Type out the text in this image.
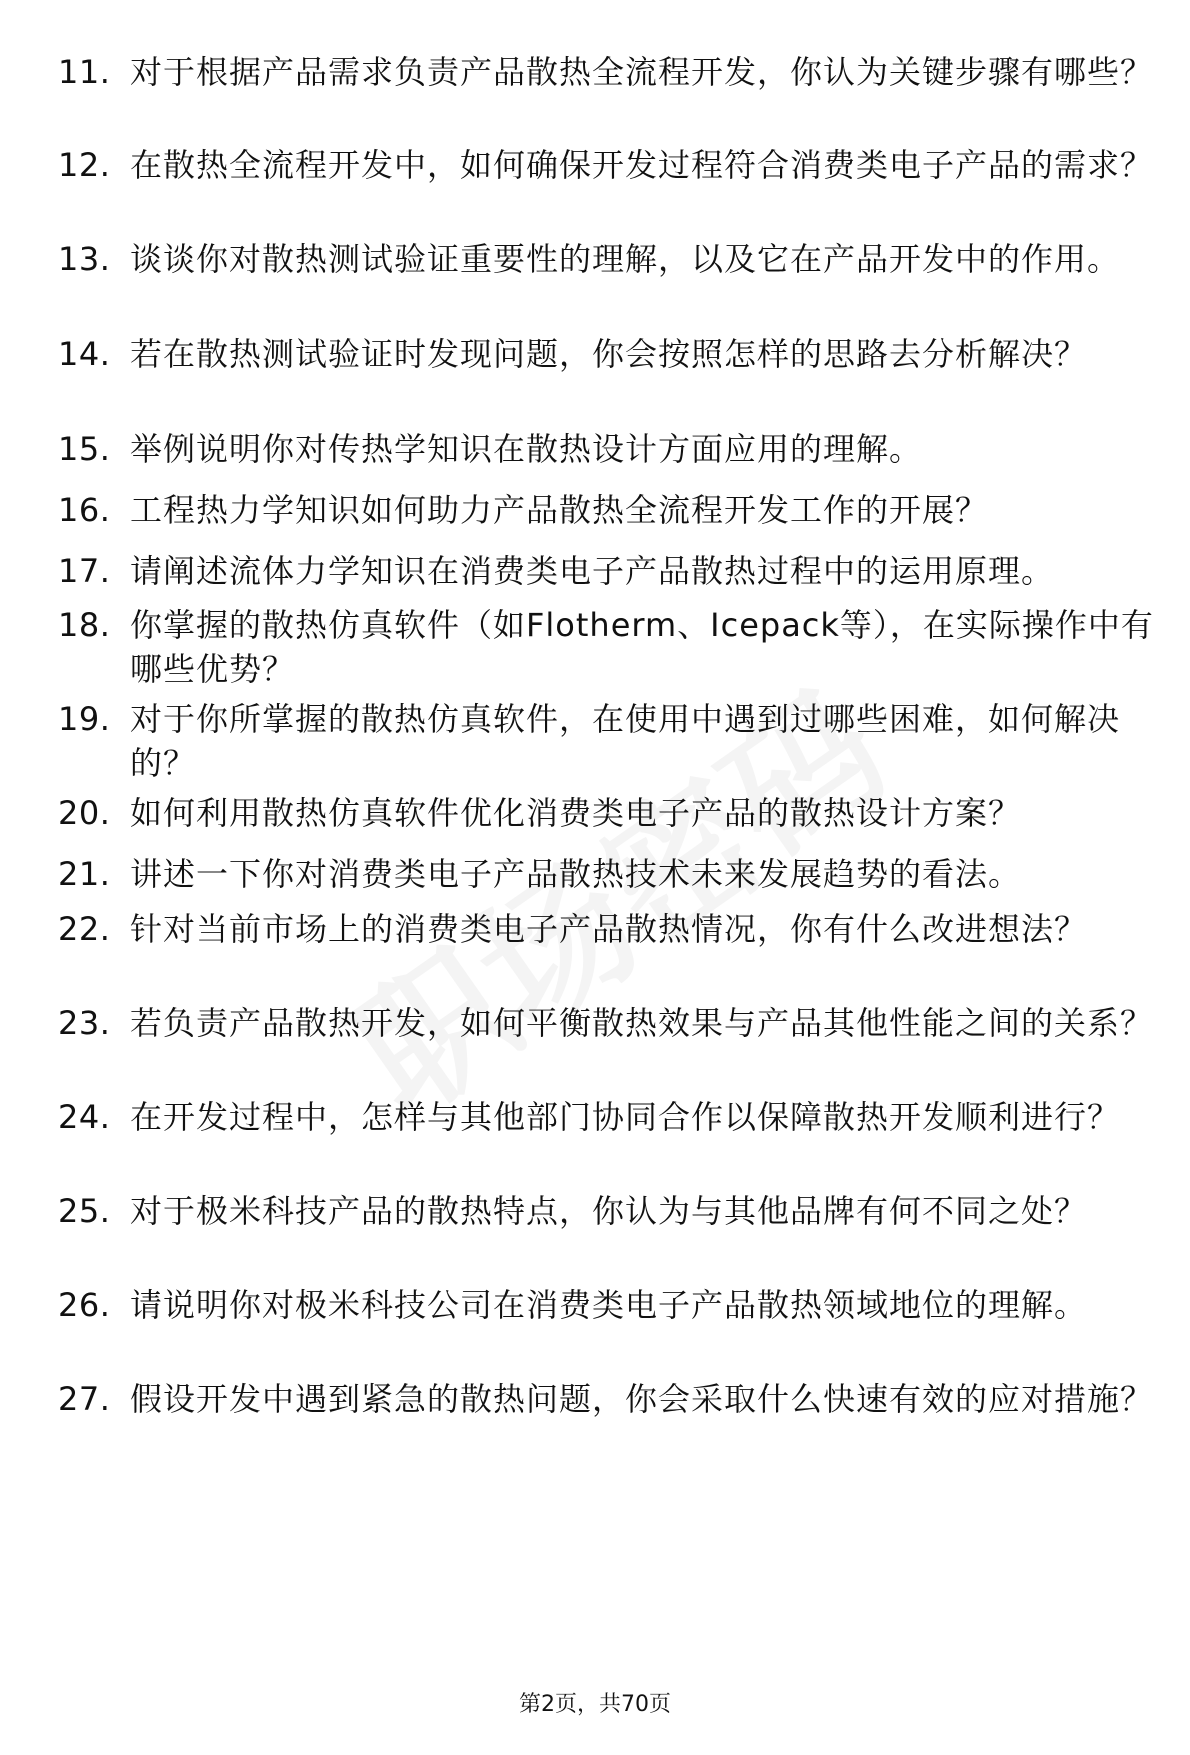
11. 对于根据产品需求负责产品散热全流程开发，你认为关键步骤有哪些？
12. 在散热全流程开发中，如何确保开发过程符合消费类电子产品的需求？
13. 谈谈你对散热测试验证重要性的理解，以及它在产品开发中的作用。
14. 若在散热测试验证时发现问题，你会按照怎样的思路去分析解决？
15. 举例说明你对传热学知识在散热设计方面应用的理解。
16. 工程热力学知识如何助力产品散热全流程开发工作的开展？
17. 请阐述流体力学知识在消费类电子产品散热过程中的运用原理。
18. 你掌握的散热仿真软件（如Flotherm、Icepack等），在实际操作中有哪些优势？
19. 对于你所掌握的散热仿真软件，在使用中遇到过哪些困难，如何解决的？
20. 如何利用散热仿真软件优化消费类电子产品的散热设计方案？
21. 讲述一下你对消费类电子产品散热技术未来发展趋势的看法。
22. 针对当前市场上的消费类电子产品散热情况，你有什么改进想法？
23. 若负责产品散热开发，如何平衡散热效果与产品其他性能之间的关系？
24. 在开发过程中，怎样与其他部门协同合作以保障散热开发顺利进行？
25. 对于极米科技产品的散热特点，你认为与其他品牌有何不同之处？
26. 请说明你对极米科技公司在消费类电子产品散热领域地位的理解。
27. 假设开发中遇到紧急的散热问题，你会采取什么快速有效的应对措施？
第2页，共70页
